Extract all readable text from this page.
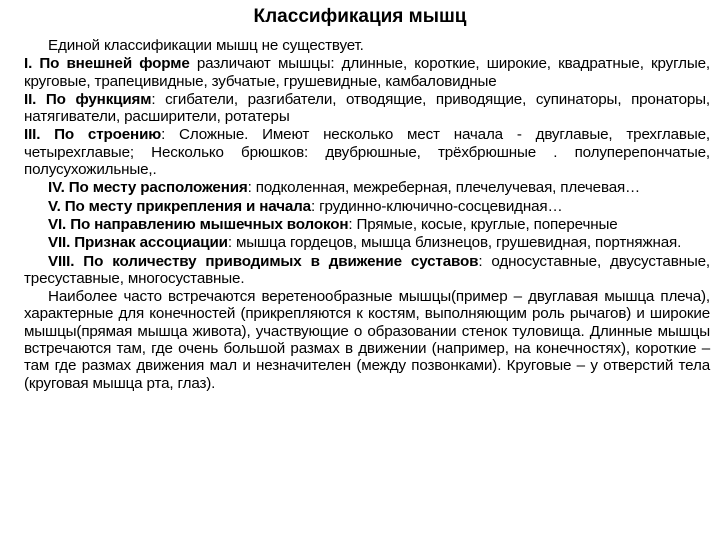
Классификация мышц

Единой классификации мышц не существует.

I. По внешней форме различают мышцы: длинные, короткие, широкие, квадратные, круглые, круговые, трапецивидные, зубчатые, грушевидные, камбаловидные

II. По функциям: сгибатели, разгибатели, отводящие, приводящие, супинаторы, пронаторы, натягиватели, расширители, ротатеры

III. По строению: Сложные. Имеют несколько мест начала - двуглавые, трехглавые, четырехглавые; Несколько брюшков: двубрюшные, трёхбрюшные . полуперепончатые, полусухожильные,.

IV. По месту расположения: подколенная, межреберная, плечелучевая, плечевая…

V. По месту прикрепления и начала: грудинно-ключично-сосцевидная…

VI. По направлению мышечных волокон: Прямые, косые, круглые, поперечные

VII. Признак ассоциации: мышца гордецов, мышца близнецов, грушевидная, портняжная.

VIII. По количеству приводимых в движение суставов: односуставные, двусуставные, тресуставные, многосуставные.

Наиболее часто встречаются веретенообразные мышцы(пример – двуглавая мышца плеча), характерные для конечностей (прикрепляются к костям, выполняющим роль рычагов) и широкие мышцы(прямая мышца живота), участвующие о образовании стенок туловища. Длинные мышцы встречаются там, где очень большой размах в движении (например, на конечностях), короткие – там где размах движения мал и незначителен (между позвонками). Круговые – у отверстий тела (круговая мышца рта, глаз).
